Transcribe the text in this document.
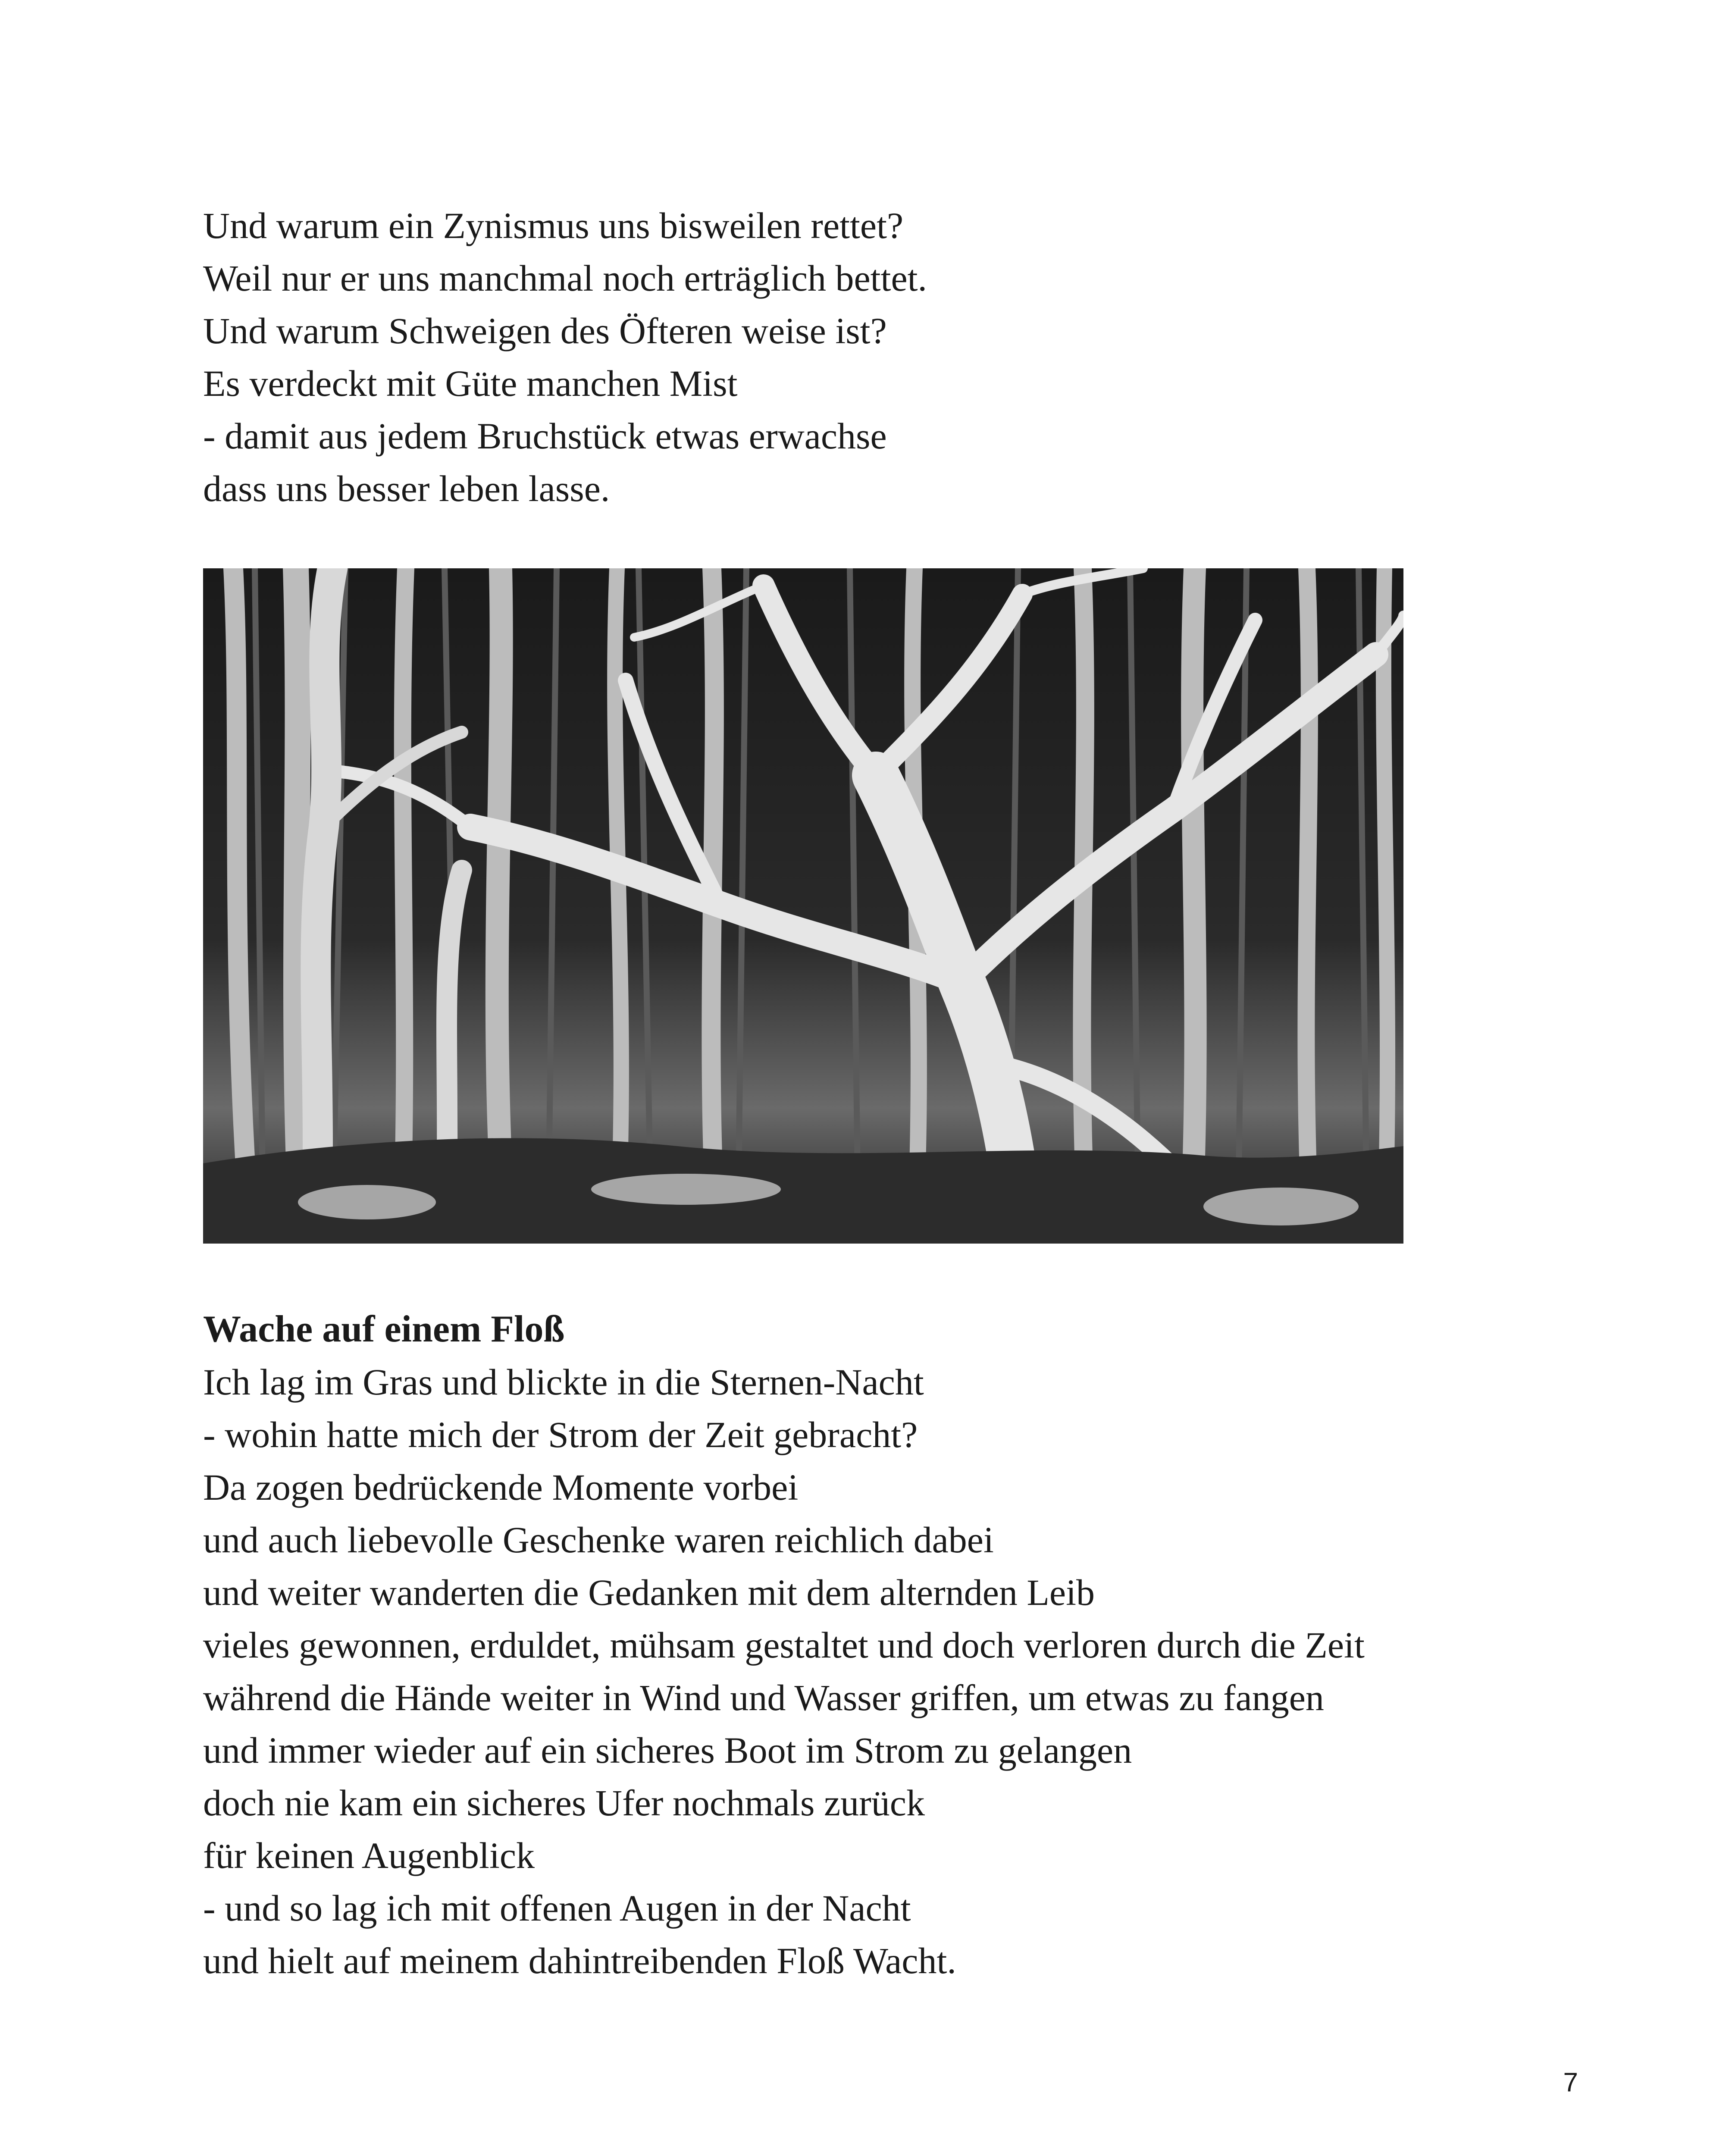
Und warum ein Zynismus uns bisweilen rettet?
Weil nur er uns manchmal noch erträglich bettet.
Und warum Schweigen des Öfteren weise ist?
Es verdeckt mit Güte manchen Mist
- damit aus jedem Bruchstück etwas erwachse
dass uns besser leben lasse.
Wache auf einem Floß
Ich lag im Gras und blickte in die Sternen-Nacht
- wohin hatte mich der Strom der Zeit gebracht?
Da zogen bedrückende Momente vorbei
und auch liebevolle Geschenke waren reichlich dabei
und weiter wanderten die Gedanken mit dem alternden Leib
vieles gewonnen, erduldet, mühsam gestaltet und doch verloren durch die Zeit
während die Hände weiter in Wind und Wasser griffen, um etwas zu fangen
und immer wieder auf ein sicheres Boot im Strom zu gelangen
doch nie kam ein sicheres Ufer nochmals zurück
für keinen Augenblick
- und so lag ich mit offenen Augen in der Nacht
und hielt auf meinem dahintreibenden Floß Wacht.
7
